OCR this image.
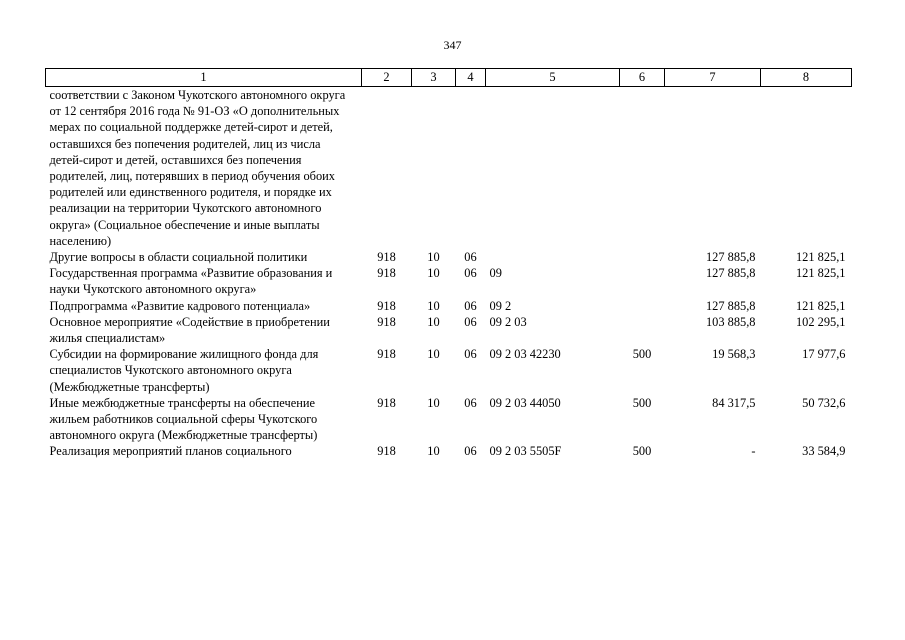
347
1	2	3	4	5	6	7	8
соответствии с Законом Чукотского автономного округа от 12 сентября 2016 года № 91-ОЗ «О дополнительных мерах по социальной поддержке детей-сирот и детей, оставшихся без попечения родителей, лиц из числа детей-сирот и детей, оставшихся без попечения родителей, лиц, потерявших в период обучения обоих родителей или единственного родителя, и порядке их реализации на территории Чукотского автономного округа» (Социальное обеспечение и иные выплаты населению)							
Другие вопросы в области социальной политики	918	10	06			127 885,8	121 825,1
Государственная программа «Развитие образования и науки Чукотского автономного округа»	918	10	06	09		127 885,8	121 825,1
Подпрограмма «Развитие кадрового потенциала»	918	10	06	09 2		127 885,8	121 825,1
Основное мероприятие «Содействие в приобретении жилья специалистам»	918	10	06	09 2 03		103 885,8	102 295,1
Субсидии на формирование жилищного фонда для специалистов Чукотского автономного округа (Межбюджетные трансферты)	918	10	06	09 2 03 42230	500	19 568,3	17 977,6
Иные межбюджетные трансферты на обеспечение жильем работников социальной сферы Чукотского автономного округа (Межбюджетные трансферты)	918	10	06	09 2 03 44050	500	84 317,5	50 732,6
Реализация мероприятий планов социального	918	10	06	09 2 03 5505F	500	-	33 584,9
